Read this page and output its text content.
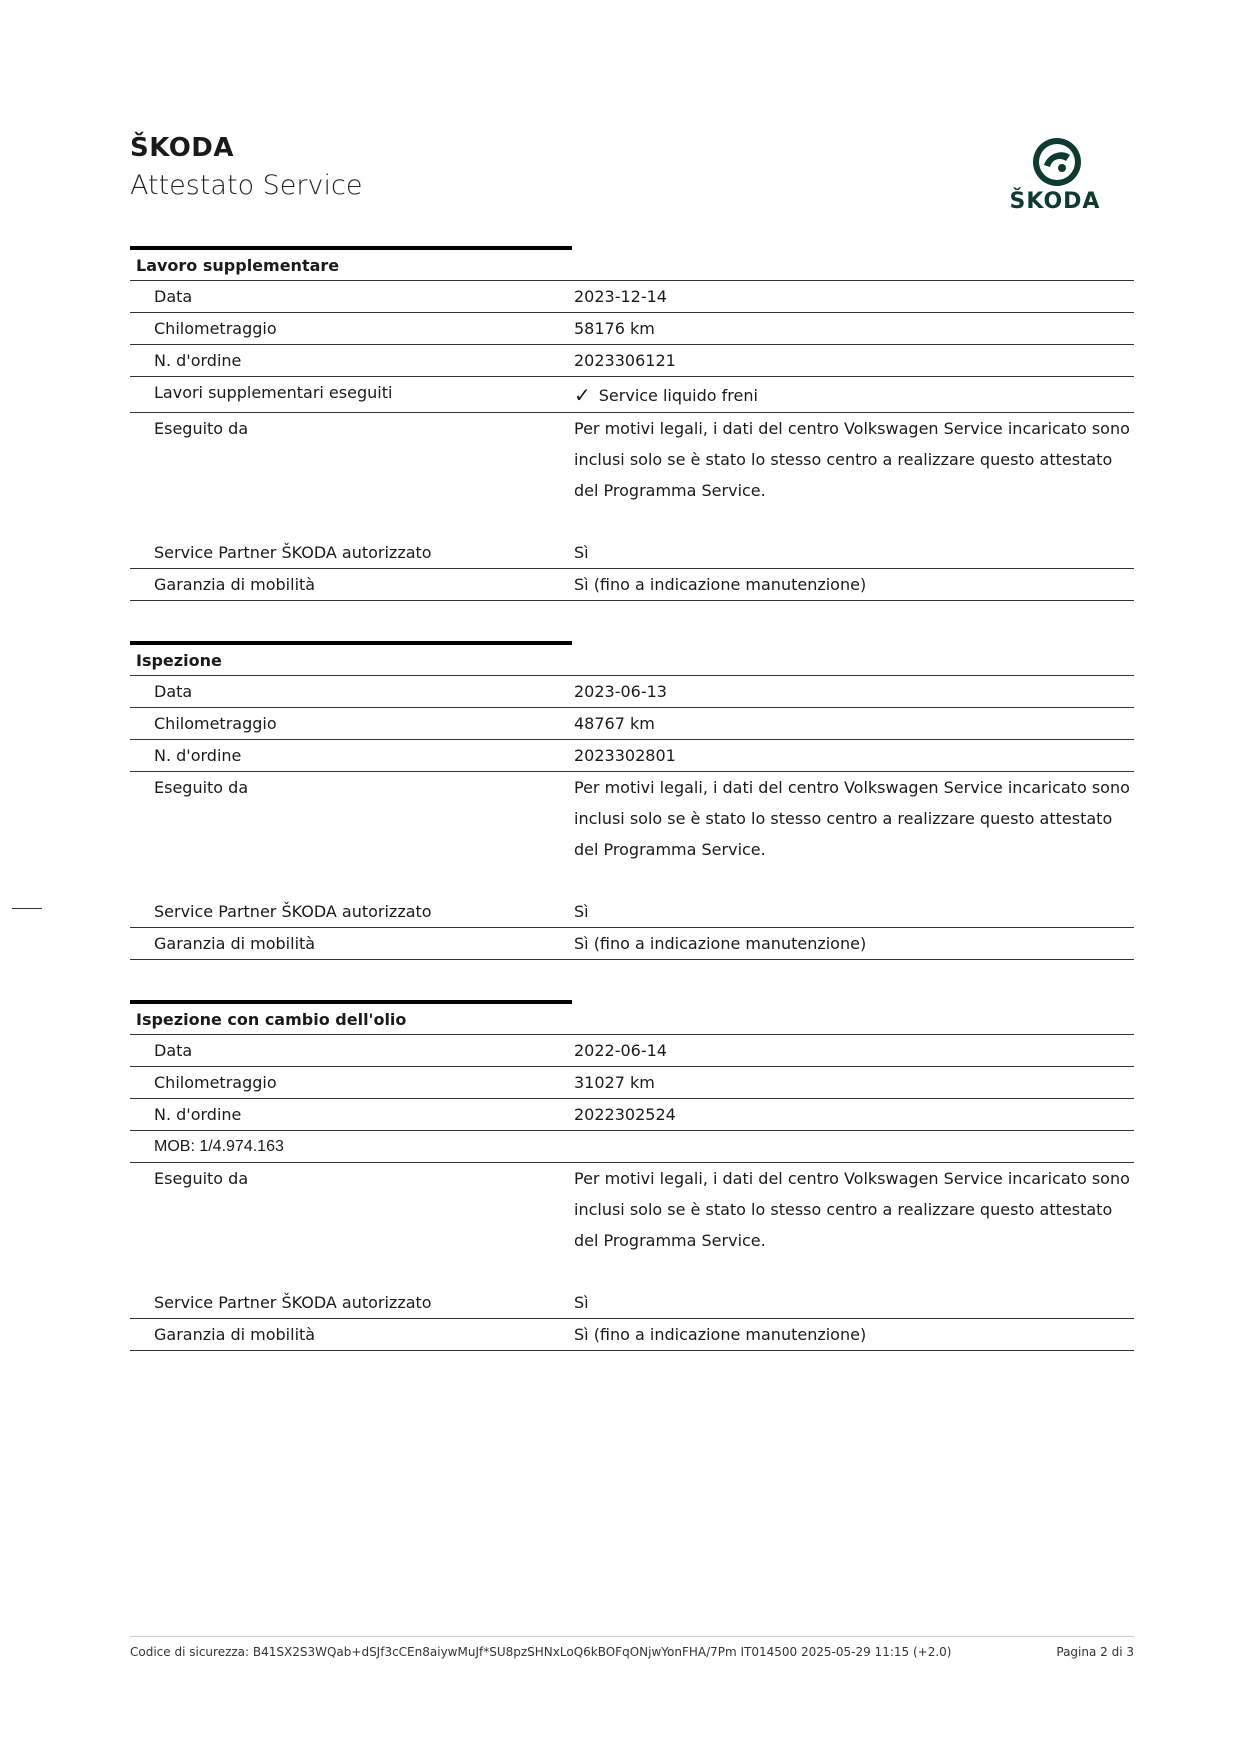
ŠKODA
Attestato Service
ŠKODA
Lavoro supplementare
Data	2023-12-14
Chilometraggio	58176 km
N. d'ordine	2023306121
Lavori supplementari eseguiti	✓ Service liquido freni
Eseguito da	Per motivi legali, i dati del centro Volkswagen Service incaricato sono inclusi solo se è stato lo stesso centro a realizzare questo attestato del Programma Service.
Service Partner ŠKODA autorizzato	Sì
Garanzia di mobilità	Sì (fino a indicazione manutenzione)
Ispezione
Data	2023-06-13
Chilometraggio	48767 km
N. d'ordine	2023302801
Eseguito da	Per motivi legali, i dati del centro Volkswagen Service incaricato sono inclusi solo se è stato lo stesso centro a realizzare questo attestato del Programma Service.
Service Partner ŠKODA autorizzato	Sì
Garanzia di mobilità	Sì (fino a indicazione manutenzione)
Ispezione con cambio dell'olio
Data	2022-06-14
Chilometraggio	31027 km
N. d'ordine	2022302524
MOB: 1/4.974.163
Eseguito da	Per motivi legali, i dati del centro Volkswagen Service incaricato sono inclusi solo se è stato lo stesso centro a realizzare questo attestato del Programma Service.
Service Partner ŠKODA autorizzato	Sì
Garanzia di mobilità	Sì (fino a indicazione manutenzione)
Codice di sicurezza: B41SX2S3WQab+dSJf3cCEn8aiywMuJf*SU8pzSHNxLoQ6kBOFqONjwYonFHA/7Pm IT014500 2025-05-29 11:15 (+2.0)	Pagina 2 di 3
